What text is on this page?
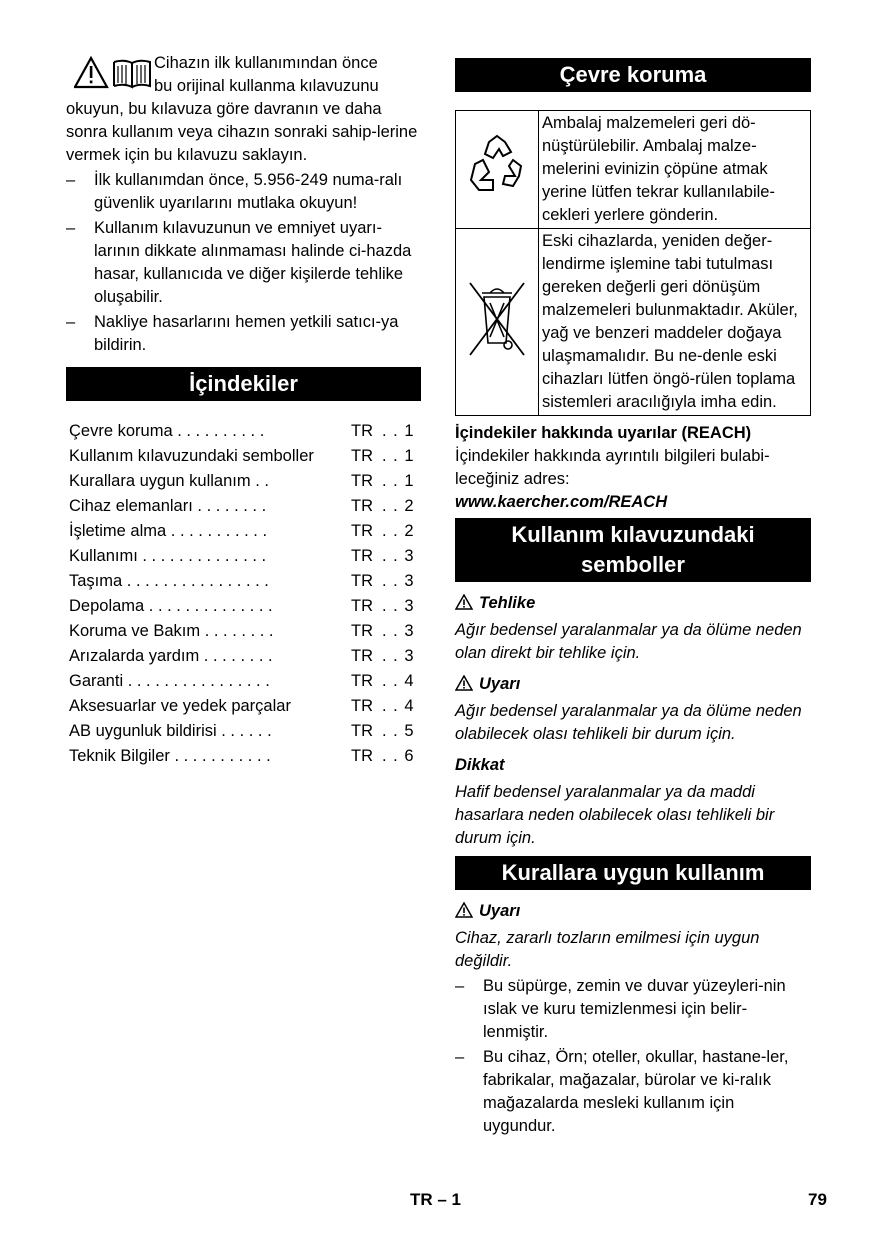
Cihazın ilk kullanımından önce

bu orijinal kullanma kılavuzunu

okuyun, bu kılavuza göre davranın ve daha sonra kullanım veya cihazın sonraki sahip-lerine vermek için bu kılavuzu saklayın.

– İlk kullanımdan önce, 5.956-249 numa-ralı güvenlik uyarılarını mutlaka okuyun!
– Kullanım kılavuzunun ve emniyet uyarı-larının dikkate alınmaması halinde ci-hazda hasar, kullanıcıda ve diğer kişilerde tehlike oluşabilir.
– Nakliye hasarlarını hemen yetkili satıcı-ya bildirin.
İçindekiler
Çevre koruma . . . . . . . . . .	TR . . 1
Kullanım kılavuzundaki semboller TR . . 1
Kurallara uygun kullanım . .	TR . . 1
Cihaz elemanları . . . . . . . .	TR . . 2
İşletime alma . . . . . . . . . . .	TR . . 2
Kullanımı . . . . . . . . . . . . . .	TR . . 3
Taşıma . . . . . . . . . . . . . . . .	TR . . 3
Depolama . . . . . . . . . . . . . .	TR . . 3
Koruma ve Bakım . . . . . . . .	TR . . 3
Arızalarda yardım . . . . . . . .	TR . . 3
Garanti . . . . . . . . . . . . . . . .	TR . . 4
Aksesuarlar ve yedek parçalar	TR . . 4
AB uygunluk bildirisi . . . . . .	TR . . 5
Teknik Bilgiler . . . . . . . . . . .	TR . . 6
Çevre koruma
	Ambalaj malzemeleri geri dö-nüştürülebilir. Ambalaj malze-melerini evinizin çöpüne atmak yerine lütfen tekrar kullanılabile-cekleri yerlere gönderin.
	Eski cihazlarda, yeniden değer-lendirme işlemine tabi tutulması gereken değerli geri dönüşüm malzemeleri bulunmaktadır. Aküler, yağ ve benzeri maddeler doğaya ulaşmamalıdır. Bu ne-denle eski cihazları lütfen öngö-rülen toplama sistemleri aracılığıyla imha edin.

İçindekiler hakkında uyarılar (REACH)

İçindekiler hakkında ayrıntılı bilgileri bulabi-leceğiniz adres:

www.kaercher.com/REACH

Kullanım kılavuzundaki semboller

Tehlike

Ağır bedensel yaralanmalar ya da ölüme neden olan direkt bir tehlike için.

Uyarı

Ağır bedensel yaralanmalar ya da ölüme neden olabilecek olası tehlikeli bir durum için.

Dikkat

Hafif bedensel yaralanmalar ya da maddi hasarlara neden olabilecek olası tehlikeli bir durum için.

Kurallara uygun kullanım

Uyarı

Cihaz, zararlı tozların emilmesi için uygun değildir.

– Bu süpürge, zemin ve duvar yüzeyleri-nin ıslak ve kuru temizlenmesi için belir-lenmiştir.
– Bu cihaz, Örn; oteller, okullar, hastane-ler, fabrikalar, mağazalar, bürolar ve ki-ralık mağazalarda mesleki kullanım için uygundur.
TR – 1	79
